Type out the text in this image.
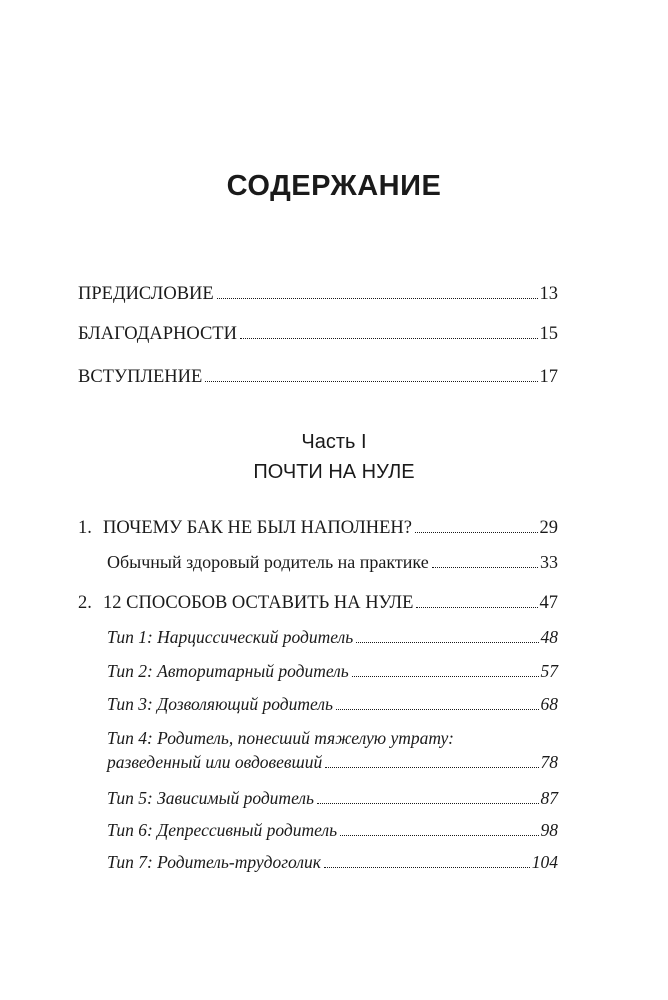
СОДЕРЖАНИЕ
ПРЕДИСЛОВИЕ	13
БЛАГОДАРНОСТИ	15
ВСТУПЛЕНИЕ	17
Часть I
ПОЧТИ НА НУЛЕ
1. ПОЧЕМУ БАК НЕ БЫЛ НАПОЛНЕН?	29
Обычный здоровый родитель на практике	33
2. 12 СПОСОБОВ ОСТАВИТЬ НА НУЛЕ	47
Тип 1: Нарциссический родитель	48
Тип 2: Авторитарный родитель	57
Тип 3: Дозволяющий родитель	68
Тип 4: Родитель, понесший тяжелую утрату:
разведенный или овдовевший	78
Тип 5: Зависимый родитель	87
Тип 6: Депрессивный родитель	98
Тип 7: Родитель-трудоголик	104
